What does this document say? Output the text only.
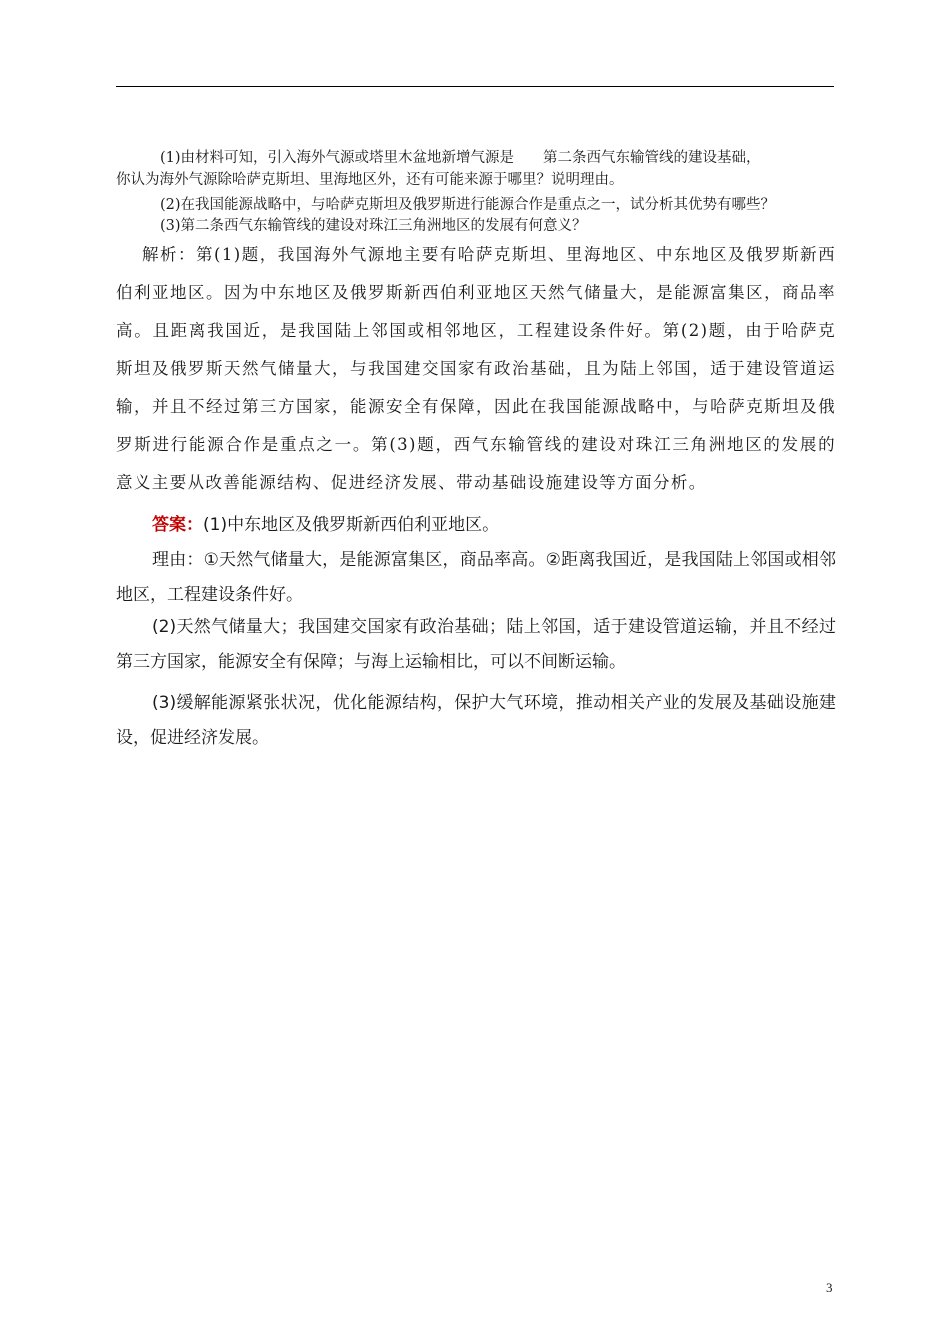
(1)由材料可知，引入海外气源或塔里木盆地新增气源是　　第二条西气东输管线的建设基础，
你认为海外气源除哈萨克斯坦、里海地区外，还有可能来源于哪里？说明理由。
(2)在我国能源战略中，与哈萨克斯坦及俄罗斯进行能源合作是重点之一，试分析其优势有哪些？
(3)第二条西气东输管线的建设对珠江三角洲地区的发展有何意义？
解析：第(1)题，我国海外气源地主要有哈萨克斯坦、里海地区、中东地区及俄罗斯新西伯利亚地区。因为中东地区及俄罗斯新西伯利亚地区天然气储量大，是能源富集区，商品率高。且距离我国近，是我国陆上邻国或相邻地区，工程建设条件好。第(2)题，由于哈萨克斯坦及俄罗斯天然气储量大，与我国建交国家有政治基础，且为陆上邻国，适于建设管道运输，并且不经过第三方国家，能源安全有保障，因此在我国能源战略中，与哈萨克斯坦及俄罗斯进行能源合作是重点之一。第(3)题，西气东输管线的建设对珠江三角洲地区的发展的意义主要从改善能源结构、促进经济发展、带动基础设施建设等方面分析。
答案：(1)中东地区及俄罗斯新西伯利亚地区。
理由：①天然气储量大，是能源富集区，商品率高。②距离我国近，是我国陆上邻国或相邻地区，工程建设条件好。
(2)天然气储量大；我国建交国家有政治基础；陆上邻国，适于建设管道运输，并且不经过第三方国家，能源安全有保障；与海上运输相比，可以不间断运输。
(3)缓解能源紧张状况，优化能源结构，保护大气环境，推动相关产业的发展及基础设施建设，促进经济发展。
3
